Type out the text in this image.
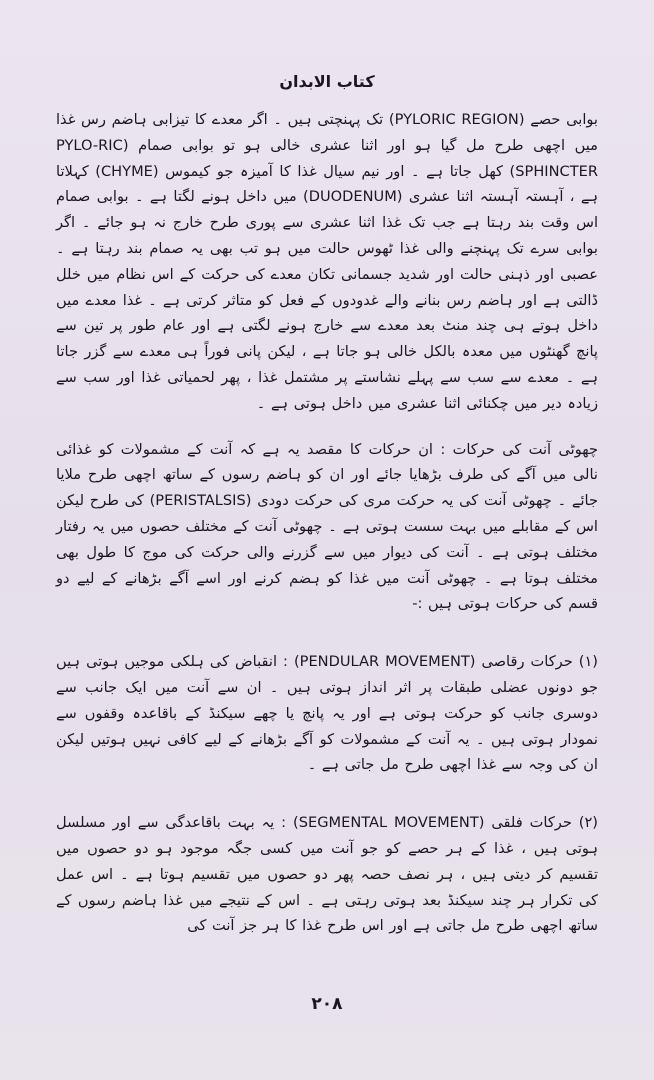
کتاب الابدان

بوابی حصے (PYLORIC REGION) تک پہنچتی ہیں ۔ اگر معدے کا تیزابی ہاضم رس غذا میں اچھی طرح مل گیا ہو اور اثنا عشری خالی ہو تو بوابی صمام (PYLO-RIC SPHINCTER) کھل جاتا ہے ۔ اور نیم سیال غذا کا آمیزہ جو کیموس (CHYME) کہلاتا ہے ، آہستہ آہستہ اثنا عشری (DUODENUM) میں داخل ہونے لگتا ہے ۔ بوابی صمام اس وقت بند رہتا ہے جب تک غذا اثنا عشری سے پوری طرح خارج نہ ہو جائے ۔ اگر بوابی سرے تک پہنچنے والی غذا ٹھوس حالت میں ہو تب بھی یہ صمام بند رہتا ہے ۔ عصبی اور ذہنی حالت اور شدید جسمانی تکان معدے کی حرکت کے اس نظام میں خلل ڈالتی ہے اور ہاضم رس بنانے والے غدودوں کے فعل کو متاثر کرتی ہے ۔ غذا معدے میں داخل ہوتے ہی چند منٹ بعد معدے سے خارج ہونے لگتی ہے اور عام طور پر تین سے پانچ گھنٹوں میں معدہ بالکل خالی ہو جاتا ہے ، لیکن پانی فوراً ہی معدے سے گزر جاتا ہے ۔ معدے سے سب سے پہلے نشاستے پر مشتمل غذا ، پھر لحمیاتی غذا اور سب سے زیادہ دیر میں چکنائی اثنا عشری میں داخل ہوتی ہے ۔

چھوٹی آنت کی حرکات : ان حرکات کا مقصد یہ ہے کہ آنت کے مشمولات کو غذائی نالی میں آگے کی طرف بڑھایا جائے اور ان کو ہاضم رسوں کے ساتھ اچھی طرح ملایا جائے ۔ چھوٹی آنت کی یہ حرکت مری کی حرکت دودی (PERISTALSIS) کی طرح لیکن اس کے مقابلے میں بہت سست ہوتی ہے ۔ چھوٹی آنت کے مختلف حصوں میں یہ رفتار مختلف ہوتی ہے ۔ آنت کی دیوار میں سے گزرنے والی حرکت کی موج کا طول بھی مختلف ہوتا ہے ۔ چھوٹی آنت میں غذا کو ہضم کرنے اور اسے آگے بڑھانے کے لیے دو قسم کی حرکات ہوتی ہیں :-

(۱) حرکات رقاصی (PENDULAR MOVEMENT) : انقباض کی ہلکی موجیں ہوتی ہیں جو دونوں عضلی طبقات پر اثر انداز ہوتی ہیں ۔ ان سے آنت میں ایک جانب سے دوسری جانب کو حرکت ہوتی ہے اور یہ پانچ یا چھے سیکنڈ کے باقاعدہ وقفوں سے نمودار ہوتی ہیں ۔ یہ آنت کے مشمولات کو آگے بڑھانے کے لیے کافی نہیں ہوتیں لیکن ان کی وجہ سے غذا اچھی طرح مل جاتی ہے ۔

(۲) حرکات فلقی (SEGMENTAL MOVEMENT) : یہ بہت باقاعدگی سے اور مسلسل ہوتی ہیں ، غذا کے ہر حصے کو جو آنت میں کسی جگہ موجود ہو دو حصوں میں تقسیم کر دیتی ہیں ، ہر نصف حصہ پھر دو حصوں میں تقسیم ہوتا ہے ۔ اس عمل کی تکرار ہر چند سیکنڈ بعد ہوتی رہتی ہے ۔ اس کے نتیجے میں غذا ہاضم رسوں کے ساتھ اچھی طرح مل جاتی ہے اور اس طرح غذا کا ہر جز آنت کی

۲۰۸
